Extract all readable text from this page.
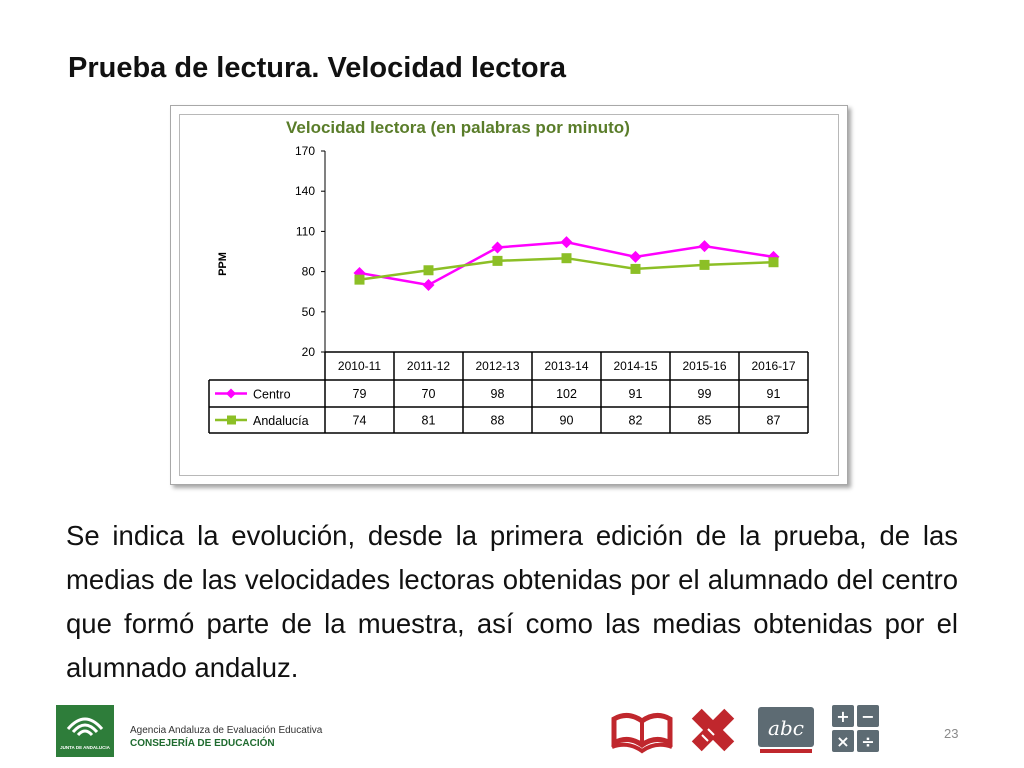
Prueba de lectura. Velocidad lectora
Velocidad lectora (en palabras por minuto)
170
140
110
80
50
20
PPM
2010-11 2011-12 2012-13 2013-14 2014-15 2015-16 2016-17
Centro	79	70	98	102	91	99	91
Andalucía	74	81	88	90	82	85	87
Se indica la evolución, desde la primera edición de la prueba, de las medias de las velocidades lectoras obtenidas por el alumnado del centro que formó parte de la muestra, así como las medias obtenidas por el alumnado andaluz.
JUNTA DE ANDALUCIA
Agencia Andaluza de Evaluación Educativa
CONSEJERÍA DE EDUCACIÓN
abc + −
× ÷	23
